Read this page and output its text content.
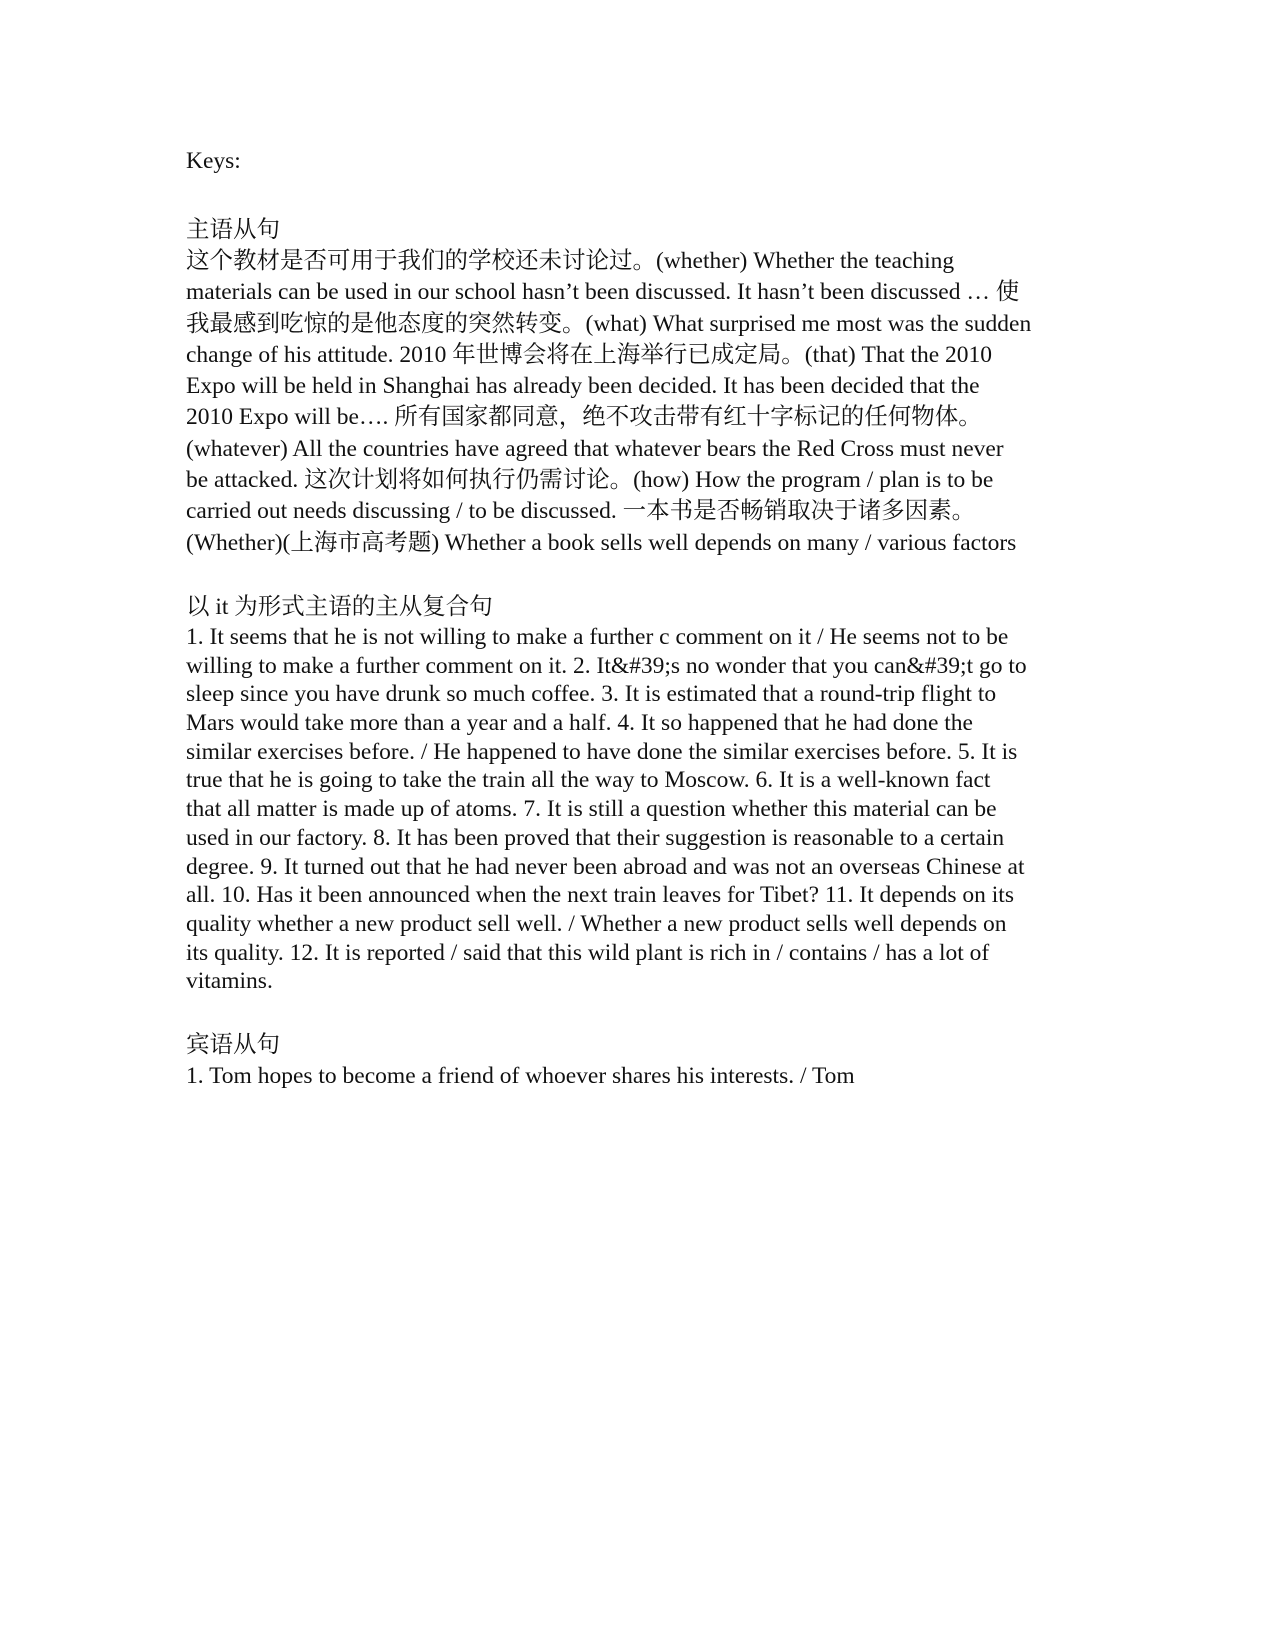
Keys:

主语从句

这个教材是否可用于我们的学校还未讨论过。(whether) Whether the teaching
materials can be used in our school hasn’t been discussed. It hasn’t been discussed … 使
我最感到吃惊的是他态度的突然转变。(what) What surprised me most was the sudden
change of his attitude. 2010 年世博会将在上海举行已成定局。(that) That the 2010
Expo will be held in Shanghai has already been decided. It has been decided that the
2010 Expo will be…. 所有国家都同意，绝不攻击带有红十字标记的任何物体。
(whatever) All the countries have agreed that whatever bears the Red Cross must never
be attacked. 这次计划将如何执行仍需讨论。(how) How the program / plan is to be
carried out needs discussing / to be discussed. 一本书是否畅销取决于诸多因素。
(Whether)(上海市高考题) Whether a book sells well depends on many / various factors

以 it 为形式主语的主从复合句

1. It seems that he is not willing to make a further c comment on it / He seems not to be
willing to make a further comment on it. 2. It&#39;s no wonder that you can&#39;t go to
sleep since you have drunk so much coffee. 3. It is estimated that a round-trip flight to
Mars would take more than a year and a half. 4. It so happened that he had done the
similar exercises before. / He happened to have done the similar exercises before. 5. It is
true that he is going to take the train all the way to Moscow. 6. It is a well-known fact
that all matter is made up of atoms. 7. It is still a question whether this material can be
used in our factory. 8. It has been proved that their suggestion is reasonable to a certain
degree. 9. It turned out that he had never been abroad and was not an overseas Chinese at
all. 10. Has it been announced when the next train leaves for Tibet? 11. It depends on its
quality whether a new product sell well. / Whether a new product sells well depends on
its quality. 12. It is reported / said that this wild plant is rich in / contains / has a lot of
vitamins.

宾语从句

1. Tom hopes to become a friend of whoever shares his interests. / Tom
